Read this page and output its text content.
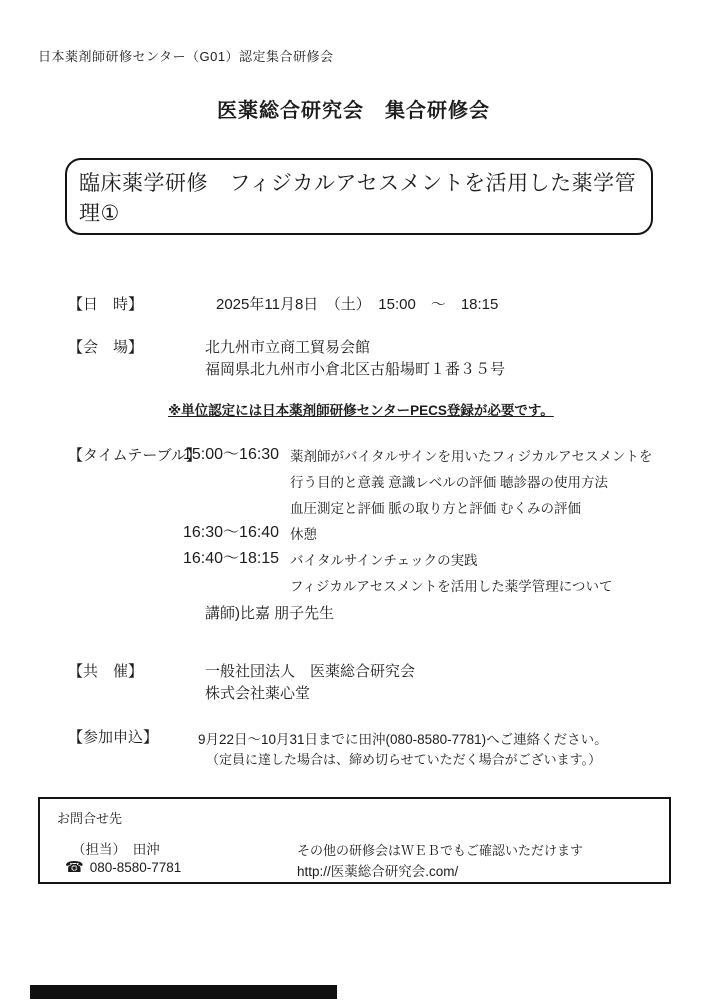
日本薬剤師研修センター（G01）認定集合研修会
医薬総合研究会　集合研修会
臨床薬学研修　フィジカルアセスメントを活用した薬学管理①
【日　時】	2025年11月8日　（土）　15:00　～　18:15
【会　場】	北九州市立商工貿易会館
福岡県北九州市小倉北区古船場町１番３５号
※単位認定には日本薬剤師研修センターPECS登録が必要です。
【タイムテーブル】
15:00～16:30 薬剤師がバイタルサインを用いたフィジカルアセスメントを
行う目的と意義 意識レベルの評価 聴診器の使用方法
血圧測定と評価 脈の取り方と評価 むくみの評価
16:30～16:40 休憩
16:40～18:15 バイタルサインチェックの実践
フィジカルアセスメントを活用した薬学管理について
講師)比嘉 朋子先生
【共　催】	一般社団法人　医薬総合研究会
株式会社薬心堂
【参加申込】	9月22日～10月31日までに田沖(080-8580-7781)へご連絡ください。
（定員に達した場合は、締め切らせていただく場合がございます。）
お問合せ先
（担当）　田沖
☎ 080-8580-7781
その他の研修会はＷＥＢでもご確認いただけます
http://医薬総合研究会.com/
